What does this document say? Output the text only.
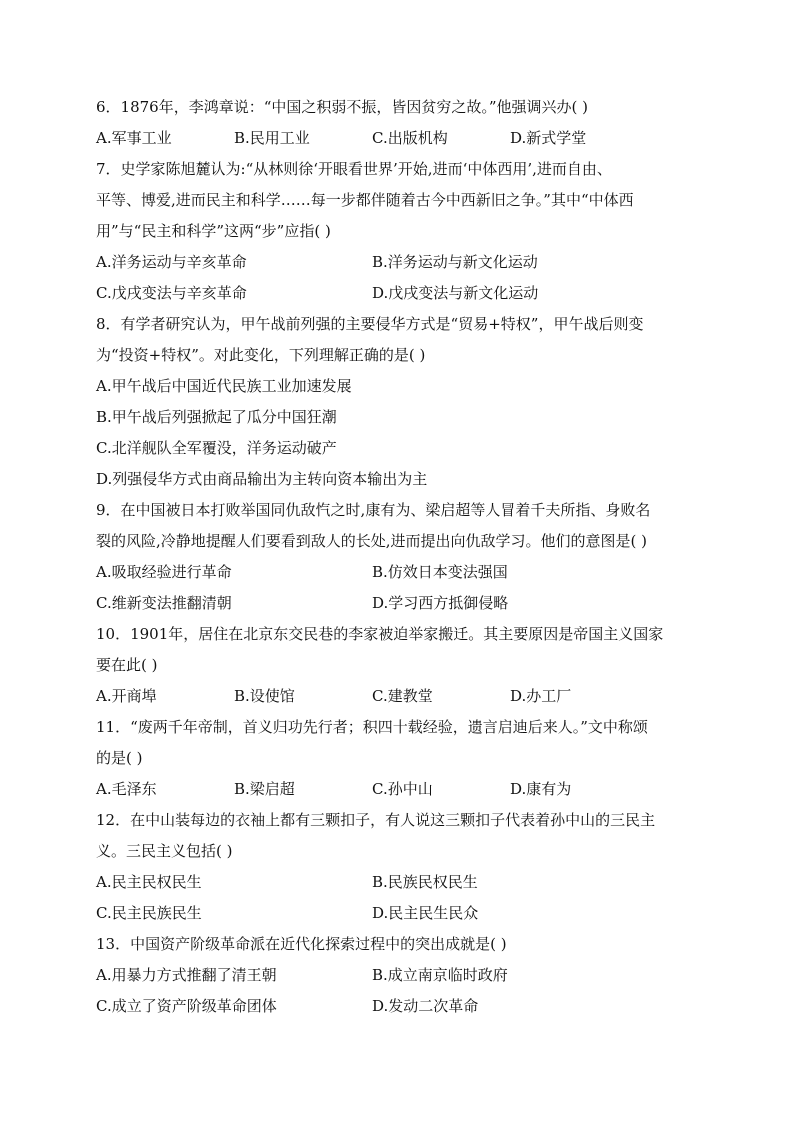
6．1876年，李鸿章说：“中国之积弱不振，皆因贫穷之故。”他强调兴办( )

A.军事工业	B.民用工业	C.出版机构	D.新式学堂

7．史学家陈旭麓认为:“从林则徐‘开眼看世界’开始,进而‘中体西用’,进而自由、
平等、博爱,进而民主和科学……每一步都伴随着古今中西新旧之争。”其中“中体西
用”与“民主和科学”这两“步”应指( )

A.洋务运动与辛亥革命	B.洋务运动与新文化运动
C.戊戌变法与辛亥革命	D.戊戌变法与新文化运动

8．有学者研究认为，甲午战前列强的主要侵华方式是“贸易+特权”，甲午战后则变
为“投资+特权”。对此变化，下列理解正确的是( )

A.甲午战后中国近代民族工业加速发展
B.甲午战后列强掀起了瓜分中国狂潮
C.北洋舰队全军覆没，洋务运动破产
D.列强侵华方式由商品输出为主转向资本输出为主

9．在中国被日本打败举国同仇敌忾之时,康有为、梁启超等人冒着千夫所指、身败名
裂的风险,冷静地提醒人们要看到敌人的长处,进而提出向仇敌学习。他们的意图是( )

A.吸取经验进行革命	B.仿效日本变法强国
C.维新变法推翻清朝	D.学习西方抵御侵略

10．1901年，居住在北京东交民巷的李家被迫举家搬迁。其主要原因是帝国主义国家
要在此( )

A.开商埠	B.设使馆	C.建教堂	D.办工厂

11．“废两千年帝制，首义归功先行者；积四十载经验，遗言启迪后来人。”文中称颂
的是( )

A.毛泽东	B.梁启超	C.孙中山	D.康有为

12．在中山装每边的衣袖上都有三颗扣子，有人说这三颗扣子代表着孙中山的三民主
义。三民主义包括( )

A.民主民权民生	B.民族民权民生
C.民主民族民生	D.民主民生民众

13．中国资产阶级革命派在近代化探索过程中的突出成就是( )

A.用暴力方式推翻了清王朝	B.成立南京临时政府
C.成立了资产阶级革命团体	D.发动二次革命
